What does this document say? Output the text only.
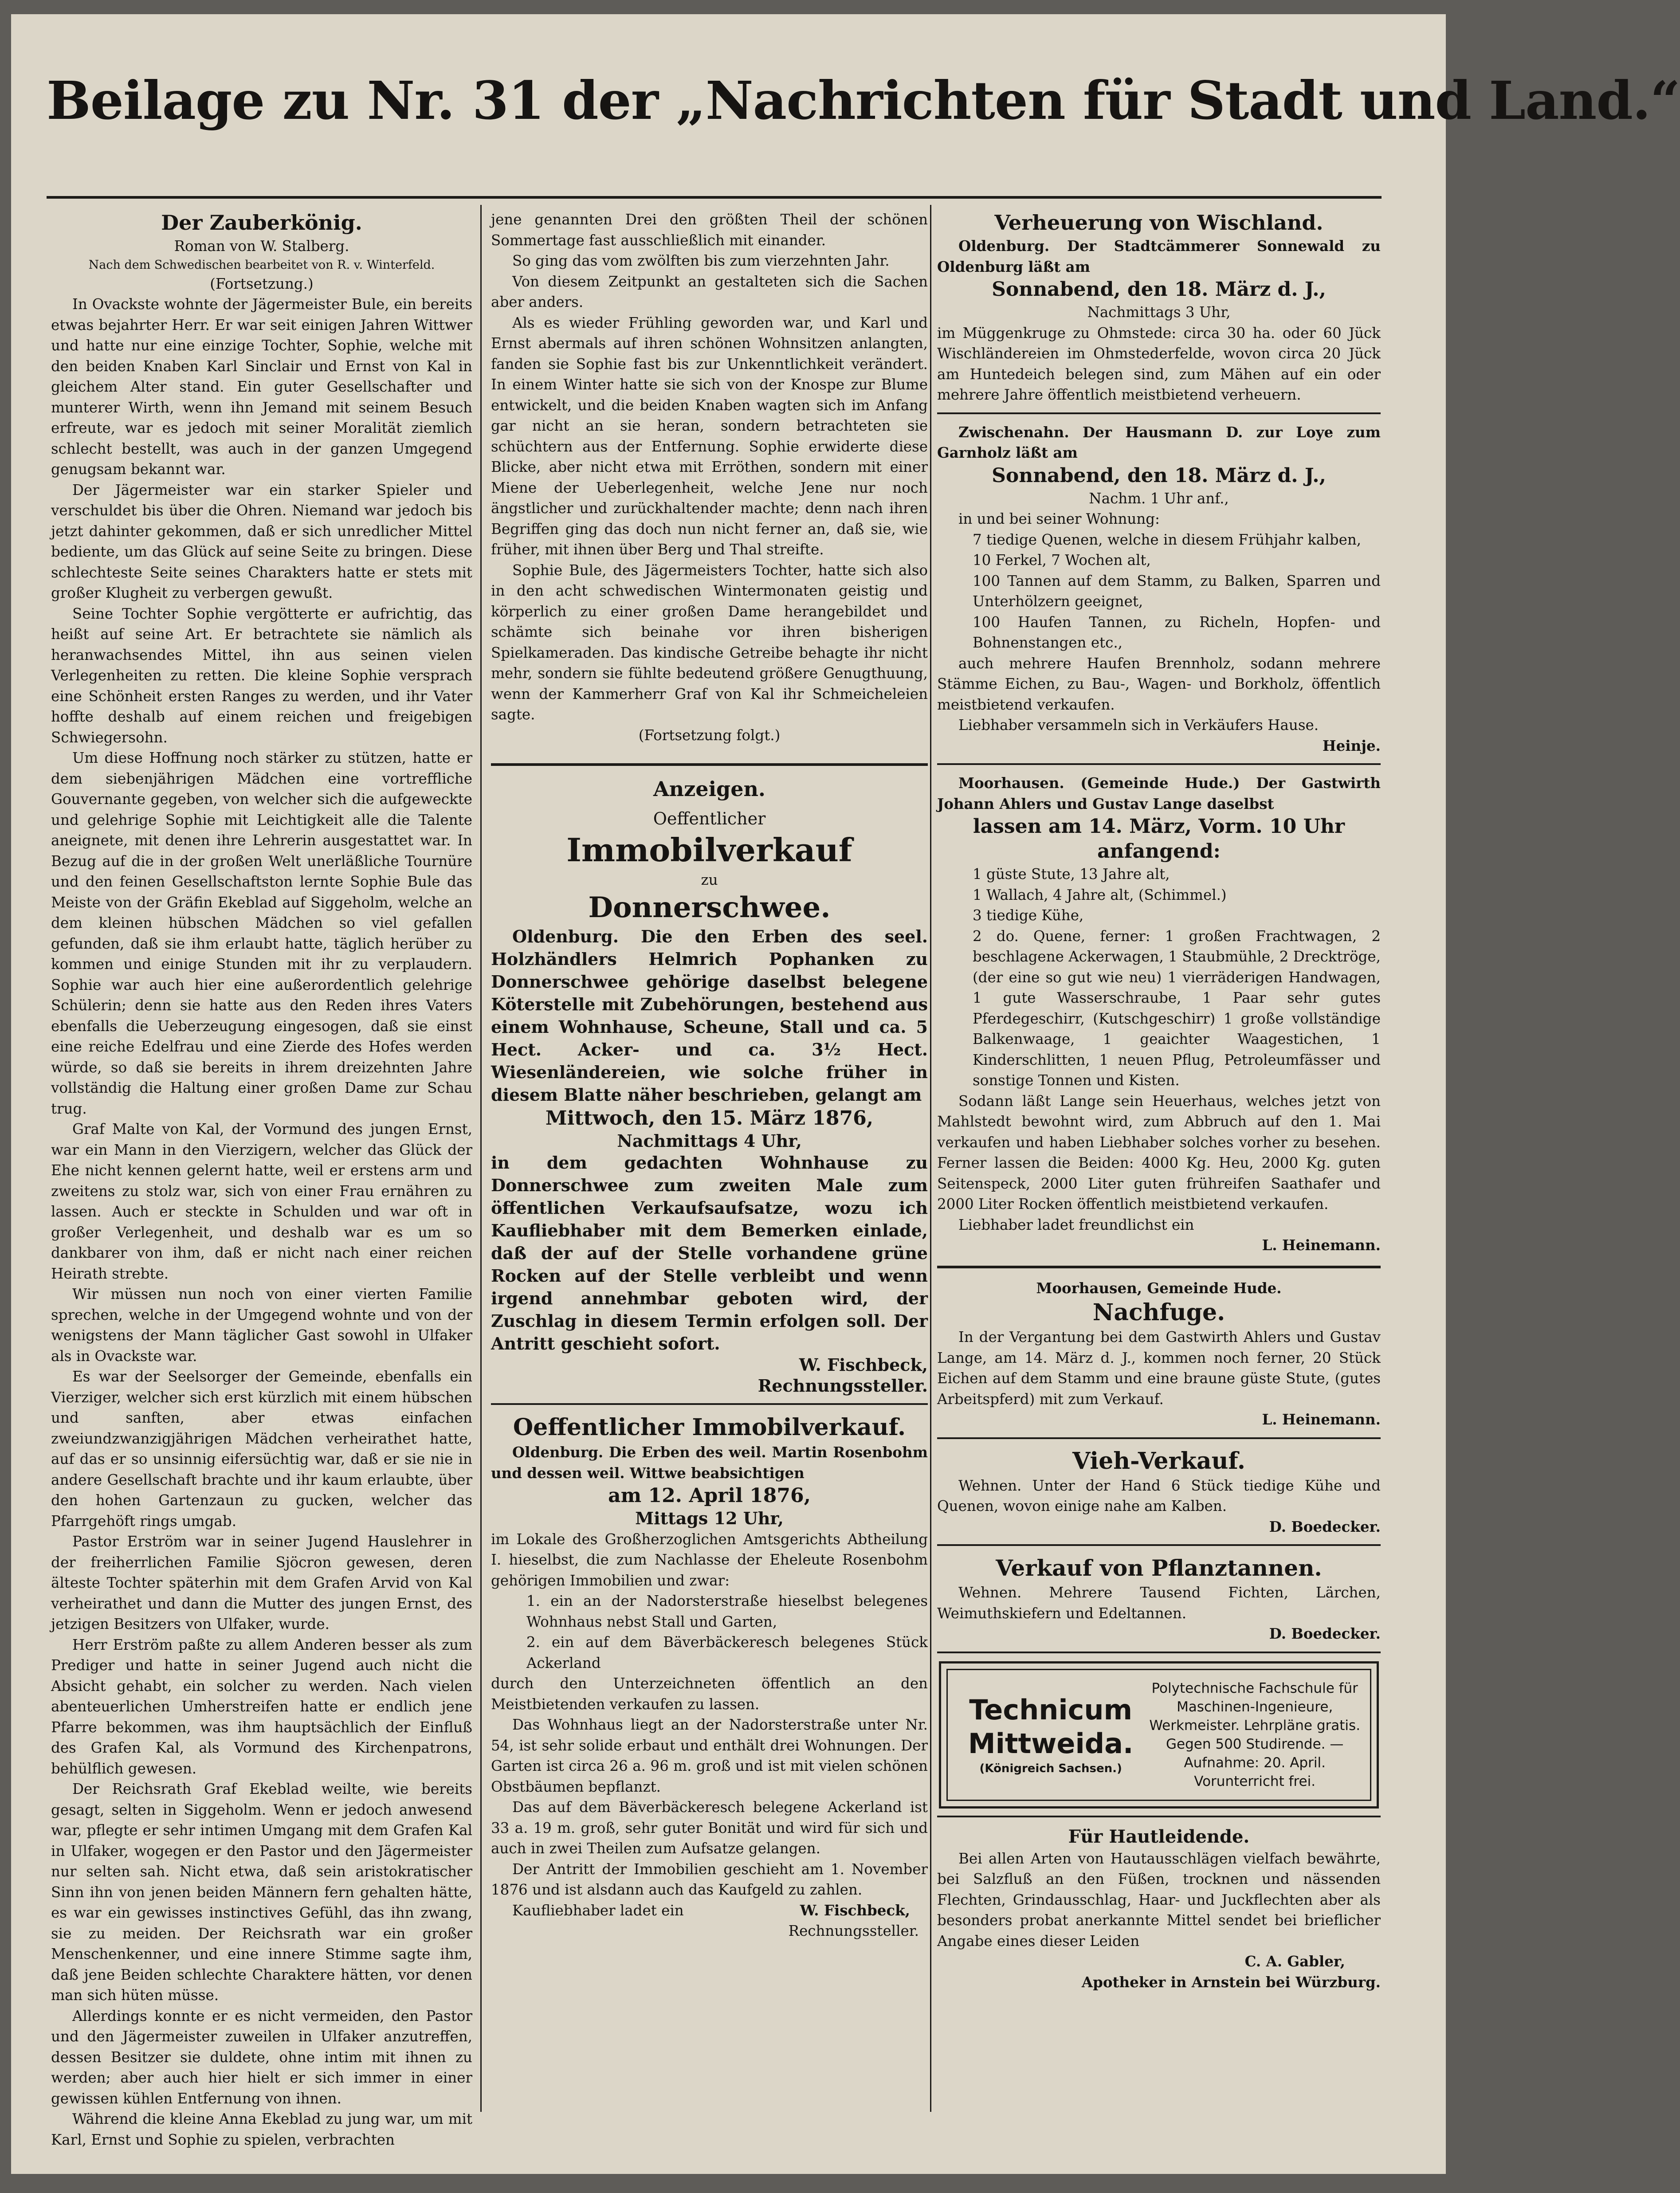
Beilage zu Nr. 31 der „Nachrichten für Stadt und Land.“
Der Zauberkönig.

Roman von W. Stalberg.

Nach dem Schwedischen bearbeitet von R. v. Winterfeld.

(Fortsetzung.)

In Ovackste wohnte der Jägermeister Bule, ein bereits etwas bejahrter Herr. Er war seit einigen Jahren Wittwer und hatte nur eine einzige Tochter, Sophie, welche mit den beiden Knaben Karl Sinclair und Ernst von Kal in gleichem Alter stand. Ein guter Gesellschafter und munterer Wirth, wenn ihn Jemand mit seinem Besuch erfreute, war es jedoch mit seiner Moralität ziemlich schlecht bestellt, was auch in der ganzen Umgegend genugsam bekannt war.

Der Jägermeister war ein starker Spieler und verschuldet bis über die Ohren. Niemand war jedoch bis jetzt dahinter gekommen, daß er sich unredlicher Mittel bediente, um das Glück auf seine Seite zu bringen. Diese schlechteste Seite seines Charakters hatte er stets mit großer Klugheit zu verbergen gewußt.

Seine Tochter Sophie vergötterte er aufrichtig, das heißt auf seine Art. Er betrachtete sie nämlich als heranwachsendes Mittel, ihn aus seinen vielen Verlegenheiten zu retten. Die kleine Sophie versprach eine Schönheit ersten Ranges zu werden, und ihr Vater hoffte deshalb auf einem reichen und freigebigen Schwiegersohn.

Um diese Hoffnung noch stärker zu stützen, hatte er dem siebenjährigen Mädchen eine vortreffliche Gouvernante gegeben, von welcher sich die aufgeweckte und gelehrige Sophie mit Leichtigkeit alle die Talente aneignete, mit denen ihre Lehrerin ausgestattet war. In Bezug auf die in der großen Welt unerläßliche Tournüre und den feinen Gesellschaftston lernte Sophie Bule das Meiste von der Gräfin Ekeblad auf Siggeholm, welche an dem kleinen hübschen Mädchen so viel gefallen gefunden, daß sie ihm erlaubt hatte, täglich herüber zu kommen und einige Stunden mit ihr zu verplaudern. Sophie war auch hier eine außerordentlich gelehrige Schülerin; denn sie hatte aus den Reden ihres Vaters ebenfalls die Ueberzeugung eingesogen, daß sie einst eine reiche Edelfrau und eine Zierde des Hofes werden würde, so daß sie bereits in ihrem dreizehnten Jahre vollständig die Haltung einer großen Dame zur Schau trug.

Graf Malte von Kal, der Vormund des jungen Ernst, war ein Mann in den Vierzigern, welcher das Glück der Ehe nicht kennen gelernt hatte, weil er erstens arm und zweitens zu stolz war, sich von einer Frau ernähren zu lassen. Auch er steckte in Schulden und war oft in großer Verlegenheit, und deshalb war es um so dankbarer von ihm, daß er nicht nach einer reichen Heirath strebte.

Wir müssen nun noch von einer vierten Familie sprechen, welche in der Umgegend wohnte und von der wenigstens der Mann täglicher Gast sowohl in Ulfaker als in Ovackste war.

Es war der Seelsorger der Gemeinde, ebenfalls ein Vierziger, welcher sich erst kürzlich mit einem hübschen und sanften, aber etwas einfachen zweiundzwanzigjährigen Mädchen verheirathet hatte, auf das er so unsinnig eifersüchtig war, daß er sie nie in andere Gesellschaft brachte und ihr kaum erlaubte, über den hohen Gartenzaun zu gucken, welcher das Pfarrgehöft rings umgab.

Pastor Erström war in seiner Jugend Hauslehrer in der freiherrlichen Familie Sjöcron gewesen, deren älteste Tochter späterhin mit dem Grafen Arvid von Kal verheirathet und dann die Mutter des jungen Ernst, des jetzigen Besitzers von Ulfaker, wurde.

Herr Erström paßte zu allem Anderen besser als zum Prediger und hatte in seiner Jugend auch nicht die Absicht gehabt, ein solcher zu werden. Nach vielen abenteuerlichen Umherstreifen hatte er endlich jene Pfarre bekommen, was ihm hauptsächlich der Einfluß des Grafen Kal, als Vormund des Kirchenpatrons, behülflich gewesen.

Der Reichsrath Graf Ekeblad weilte, wie bereits gesagt, selten in Siggeholm. Wenn er jedoch anwesend war, pflegte er sehr intimen Umgang mit dem Grafen Kal in Ulfaker, wogegen er den Pastor und den Jägermeister nur selten sah. Nicht etwa, daß sein aristokratischer Sinn ihn von jenen beiden Männern fern gehalten hätte, es war ein gewisses instinctives Gefühl, das ihn zwang, sie zu meiden. Der Reichsrath war ein großer Menschenkenner, und eine innere Stimme sagte ihm, daß jene Beiden schlechte Charaktere hätten, vor denen man sich hüten müsse.

Allerdings konnte er es nicht vermeiden, den Pastor und den Jägermeister zuweilen in Ulfaker anzutreffen, dessen Besitzer sie duldete, ohne intim mit ihnen zu werden; aber auch hier hielt er sich immer in einer gewissen kühlen Entfernung von ihnen.

Während die kleine Anna Ekeblad zu jung war, um mit Karl, Ernst und Sophie zu spielen, verbrachten

jene genannten Drei den größten Theil der schönen Sommertage fast ausschließlich mit einander.

So ging das vom zwölften bis zum vierzehnten Jahr.

Von diesem Zeitpunkt an gestalteten sich die Sachen aber anders.

Als es wieder Frühling geworden war, und Karl und Ernst abermals auf ihren schönen Wohnsitzen anlangten, fanden sie Sophie fast bis zur Unkenntlichkeit verändert. In einem Winter hatte sie sich von der Knospe zur Blume entwickelt, und die beiden Knaben wagten sich im Anfang gar nicht an sie heran, sondern betrachteten sie schüchtern aus der Entfernung. Sophie erwiderte diese Blicke, aber nicht etwa mit Erröthen, sondern mit einer Miene der Ueberlegenheit, welche Jene nur noch ängstlicher und zurückhaltender machte; denn nach ihren Begriffen ging das doch nun nicht ferner an, daß sie, wie früher, mit ihnen über Berg und Thal streifte.

Sophie Bule, des Jägermeisters Tochter, hatte sich also in den acht schwedischen Wintermonaten geistig und körperlich zu einer großen Dame herangebildet und schämte sich beinahe vor ihren bisherigen Spielkameraden. Das kindische Getreibe behagte ihr nicht mehr, sondern sie fühlte bedeutend größere Genugthuung, wenn der Kammerherr Graf von Kal ihr Schmeicheleien sagte.

(Fortsetzung folgt.)

Anzeigen.

Oeffentlicher

Immobilverkauf

zu

Donnerschwee.

Oldenburg. Die den Erben des seel. Holzhändlers Helmrich Pophanken zu Donnerschwee gehörige daselbst belegene Köterstelle mit Zubehörungen, bestehend aus einem Wohnhause, Scheune, Stall und ca. 5 Hect. Acker- und ca. 3½ Hect. Wiesenländereien, wie solche früher in diesem Blatte näher beschrieben, gelangt am

Mittwoch, den 15. März 1876,

Nachmittags 4 Uhr,

in dem gedachten Wohnhause zu Donnerschwee zum zweiten Male zum öffentlichen Verkaufsaufsatze, wozu ich Kaufliebhaber mit dem Bemerken einlade, daß der auf der Stelle vorhandene grüne Rocken auf der Stelle verbleibt und wenn irgend annehmbar geboten wird, der Zuschlag in diesem Termin erfolgen soll. Der Antritt geschieht sofort.

W. Fischbeck,

Rechnungssteller.

Oeffentlicher Immobilverkauf.

Oldenburg. Die Erben des weil. Martin Rosenbohm und dessen weil. Wittwe beabsichtigen

am 12. April 1876,

Mittags 12 Uhr,

im Lokale des Großherzoglichen Amtsgerichts Abtheilung I. hieselbst, die zum Nachlasse der Eheleute Rosenbohm gehörigen Immobilien und zwar:

1. ein an der Nadorsterstraße hieselbst belegenes Wohnhaus nebst Stall und Garten,

2. ein auf dem Bäverbäckeresch belegenes Stück Ackerland

durch den Unterzeichneten öffentlich an den Meistbietenden verkaufen zu lassen.

Das Wohnhaus liegt an der Nadorsterstraße unter Nr. 54, ist sehr solide erbaut und enthält drei Wohnungen. Der Garten ist circa 26 a. 96 m. groß und ist mit vielen schönen Obstbäumen bepflanzt.

Das auf dem Bäverbäckeresch belegene Ackerland ist 33 a. 19 m. groß, sehr guter Bonität und wird für sich und auch in zwei Theilen zum Aufsatze gelangen.

Der Antritt der Immobilien geschieht am 1. November 1876 und ist alsdann auch das Kaufgeld zu zahlen.

Kaufliebhaber ladet ein	W. Fischbeck,

Rechnungssteller.

Verheuerung von Wischland.

Oldenburg. Der Stadtcämmerer Sonnewald zu Oldenburg läßt am

Sonnabend, den 18. März d. J.,

Nachmittags 3 Uhr,

im Müggenkruge zu Ohmstede: circa 30 ha. oder 60 Jück Wischländereien im Ohmstederfelde, wovon circa 20 Jück am Huntedeich belegen sind, zum Mähen auf ein oder mehrere Jahre öffentlich meistbietend verheuern.

Zwischenahn. Der Hausmann D. zur Loye zum Garnholz läßt am

Sonnabend, den 18. März d. J.,

Nachm. 1 Uhr anf.,

in und bei seiner Wohnung:

7 tiedige Quenen, welche in diesem Frühjahr kalben,

10 Ferkel, 7 Wochen alt,

100 Tannen auf dem Stamm, zu Balken, Sparren und Unterhölzern geeignet,

100 Haufen Tannen, zu Richeln, Hopfen- und Bohnenstangen etc.,

auch mehrere Haufen Brennholz, sodann mehrere Stämme Eichen, zu Bau-, Wagen- und Borkholz, öffentlich meistbietend verkaufen.

Liebhaber versammeln sich in Verkäufers Hause.

Heinje.

Moorhausen. (Gemeinde Hude.) Der Gastwirth Johann Ahlers und Gustav Lange daselbst

lassen am 14. März, Vorm. 10 Uhr anfangend:

1 güste Stute, 13 Jahre alt,

1 Wallach, 4 Jahre alt, (Schimmel.)

3 tiedige Kühe,

2 do. Quene, ferner: 1 großen Frachtwagen, 2 beschlagene Ackerwagen, 1 Staubmühle, 2 Drecktröge, (der eine so gut wie neu) 1 vierräderigen Handwagen, 1 gute Wasserschraube, 1 Paar sehr gutes Pferdegeschirr, (Kutschgeschirr) 1 große vollständige Balkenwaage, 1 geaichter Waagestichen, 1 Kinderschlitten, 1 neuen Pflug, Petroleumfässer und sonstige Tonnen und Kisten.

Sodann läßt Lange sein Heuerhaus, welches jetzt von Mahlstedt bewohnt wird, zum Abbruch auf den 1. Mai verkaufen und haben Liebhaber solches vorher zu besehen. Ferner lassen die Beiden: 4000 Kg. Heu, 2000 Kg. guten Seitenspeck, 2000 Liter guten frühreifen Saathafer und 2000 Liter Rocken öffentlich meistbietend verkaufen.

Liebhaber ladet freundlichst ein

L. Heinemann.

Moorhausen, Gemeinde Hude.

Nachfuge.

In der Vergantung bei dem Gastwirth Ahlers und Gustav Lange, am 14. März d. J., kommen noch ferner, 20 Stück Eichen auf dem Stamm und eine braune güste Stute, (gutes Arbeitspferd) mit zum Verkauf.

L. Heinemann.

Vieh-Verkauf.

Wehnen. Unter der Hand 6 Stück tiedige Kühe und Quenen, wovon einige nahe am Kalben.

D. Boedecker.

Verkauf von Pflanztannen.

Wehnen. Mehrere Tausend Fichten, Lärchen, Weimuthskiefern und Edeltannen.

D. Boedecker.

Technicum
Mittweida.
(Königreich Sachsen.)
Polytechnische Fachschule für Maschinen-Ingenieure, Werkmeister. Lehrpläne gratis. Gegen 500 Studirende. — Aufnahme: 20. April. Vorunterricht frei.
Für Hautleidende.

Bei allen Arten von Hautausschlägen vielfach bewährte, bei Salzfluß an den Füßen, trocknen und nässenden Flechten, Grindausschlag, Haar- und Juckflechten aber als besonders probat anerkannte Mittel sendet bei brieflicher Angabe eines dieser Leiden

C. A. Gabler,

Apotheker in Arnstein bei Würzburg.
